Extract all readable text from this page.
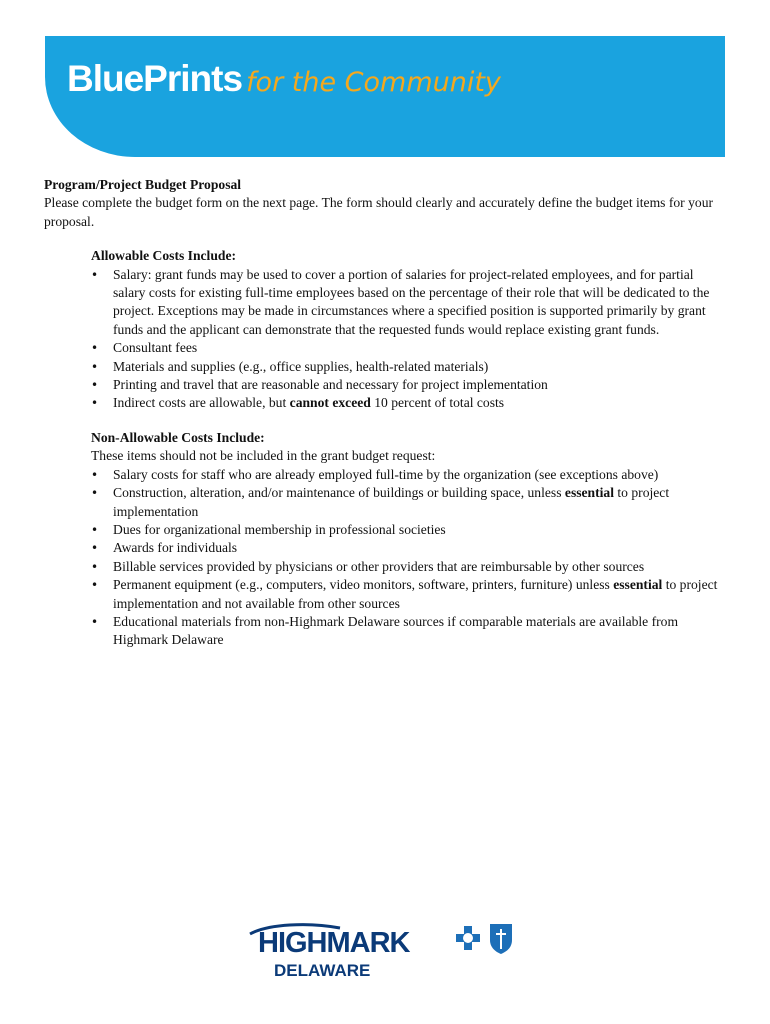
BluePrints for the Community
Program/Project Budget Proposal

Please complete the budget form on the next page. The form should clearly and accurately define the budget items for your proposal.

Allowable Costs Include:
• Salary: grant funds may be used to cover a portion of salaries for project-related employees, and for partial salary costs for existing full-time employees based on the percentage of their role that will be dedicated to the project. Exceptions may be made in circumstances where a specified position is supported primarily by grant funds and the applicant can demonstrate that the requested funds would replace existing grant funds.
• Consultant fees
• Materials and supplies (e.g., office supplies, health-related materials)
• Printing and travel that are reasonable and necessary for project implementation
• Indirect costs are allowable, but cannot exceed 10 percent of total costs
Non-Allowable Costs Include:
These items should not be included in the grant budget request:
• Salary costs for staff who are already employed full-time by the organization (see exceptions above)
• Construction, alteration, and/or maintenance of buildings or building space, unless essential to project implementation
• Dues for organizational membership in professional societies
• Awards for individuals
• Billable services provided by physicians or other providers that are reimbursable by other sources
• Permanent equipment (e.g., computers, video monitors, software, printers, furniture) unless essential to project implementation and not available from other sources
• Educational materials from non-Highmark Delaware sources if comparable materials are available from Highmark Delaware
HIGHMARK
DELAWARE
